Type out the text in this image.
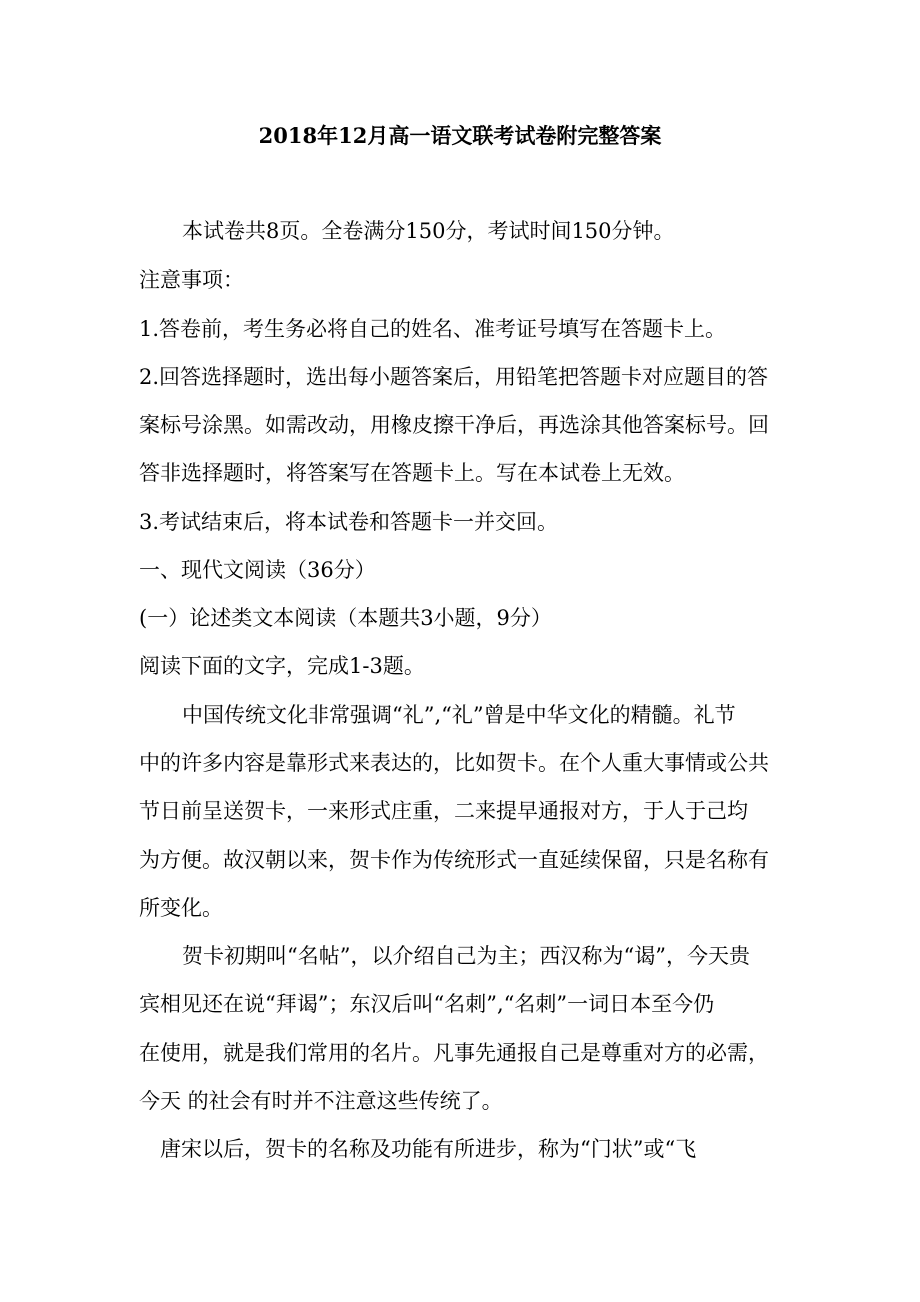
2018年12月高一语文联考试卷附完整答案
本试卷共8页。全卷满分150分，考试时间150分钟。
注意事项：
1.答卷前，考生务必将自己的姓名、准考证号填写在答题卡上。
2.回答选择题时，选出每小题答案后，用铅笔把答题卡对应题目的答
案标号涂黑。如需改动，用橡皮擦干净后，再选涂其他答案标号。回
答非选择题时，将答案写在答题卡上。写在本试卷上无效。
3.考试结束后，将本试卷和答题卡一并交回。
一、现代文阅读（36分）
(一）论述类文本阅读（本题共3小题，9分）
阅读下面的文字，完成1-3题。
中国传统文化非常强调“礼”,“礼”曾是中华文化的精髓。礼节
中的许多内容是靠形式来表达的，比如贺卡。在个人重大事情或公共
节日前呈送贺卡，一来形式庄重，二来提早通报对方，于人于己均
为方便。故汉朝以来，贺卡作为传统形式一直延续保留，只是名称有
所变化。
贺卡初期叫“名帖”，以介绍自己为主；西汉称为“谒”，今天贵
宾相见还在说“拜谒”；东汉后叫“名刺”,“名刺”一词日本至今仍
在使用，就是我们常用的名片。凡事先通报自己是尊重对方的必需，
今天 的社会有时并不注意这些传统了。
唐宋以后，贺卡的名称及功能有所进步，称为“门状”或“飞
